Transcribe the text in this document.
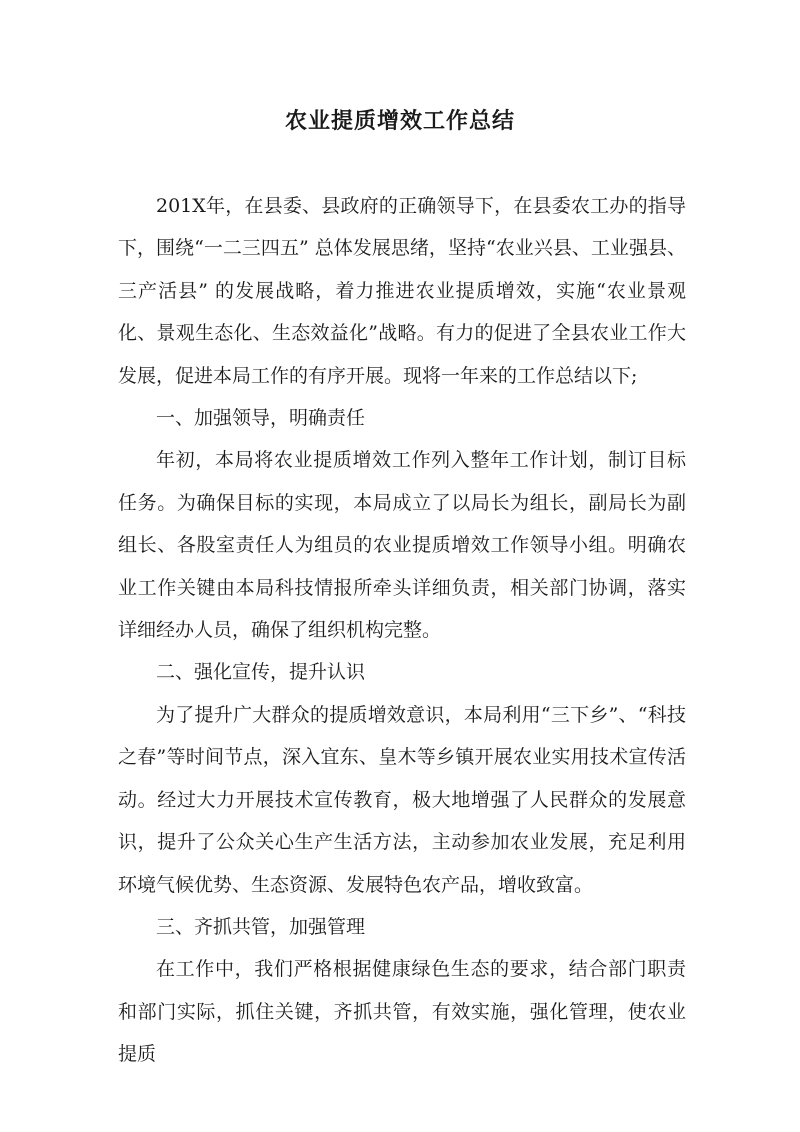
农业提质增效工作总结

201X年，在县委、县政府的正确领导下，在县委农工办的指导下，围绕“一二三四五” 总体发展思绪，坚持“农业兴县、工业强县、三产活县” 的发展战略，着力推进农业提质增效，实施“农业景观化、景观生态化、生态效益化”战略。有力的促进了全县农业工作大发展，促进本局工作的有序开展。现将一年来的工作总结以下;

一、加强领导，明确责任

年初，本局将农业提质增效工作列入整年工作计划，制订目标任务。为确保目标的实现，本局成立了以局长为组长，副局长为副组长、各股室责任人为组员的农业提质增效工作领导小组。明确农业工作关键由本局科技情报所牵头详细负责，相关部门协调，落实详细经办人员，确保了组织机构完整。

二、强化宣传，提升认识

为了提升广大群众的提质增效意识，本局利用“三下乡”、“科技之春”等时间节点，深入宜东、皇木等乡镇开展农业实用技术宣传活动。经过大力开展技术宣传教育，极大地增强了人民群众的发展意识，提升了公众关心生产生活方法，主动参加农业发展，充足利用环境气候优势、生态资源、发展特色农产品，增收致富。

三、齐抓共管，加强管理

在工作中，我们严格根据健康绿色生态的要求，结合部门职责和部门实际，抓住关键，齐抓共管，有效实施，强化管理，使农业提质
